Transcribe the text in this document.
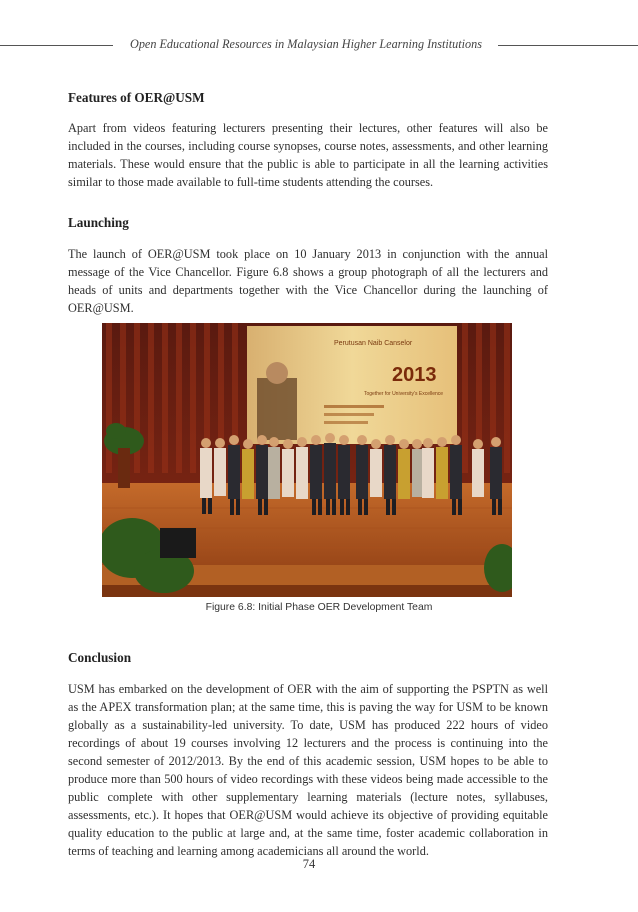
Open Educational Resources in Malaysian Higher Learning Institutions
Features of OER@USM

Apart from videos featuring lecturers presenting their lectures, other features will also be included in the courses, including course synopses, course notes, assessments, and other learning materials. These would ensure that the public is able to participate in all the learning activities similar to those made available to full-time students attending the courses.

Launching

The launch of OER@USM took place on 10 January 2013 in conjunction with the annual message of the Vice Chancellor. Figure 6.8 shows a group photograph of all the lecturers and heads of units and departments together with the Vice Chancellor during the launching of OER@USM.

Perutusan Naib Canselor
2013
Together for University's Excellence
Figure 6.8: Initial Phase OER Development Team
Conclusion

USM has embarked on the development of OER with the aim of supporting the PSPTN as well as the APEX transformation plan; at the same time, this is paving the way for USM to be known globally as a sustainability-led university. To date, USM has produced 222 hours of video recordings of about 19 courses involving 12 lecturers and the process is continuing into the second semester of 2012/2013. By the end of this academic session, USM hopes to be able to produce more than 500 hours of video recordings with these videos being made accessible to the public complete with other supplementary learning materials (lecture notes, syllabuses, assessments, etc.). It hopes that OER@USM would achieve its objective of providing equitable quality education to the public at large and, at the same time, foster academic collaboration in terms of teaching and learning among academicians all around the world.

74
